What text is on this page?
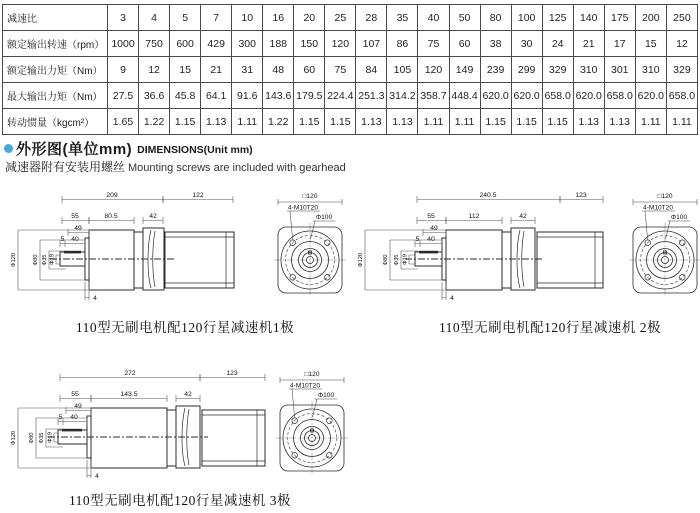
减速比	3	4	5	7	10	16	20	25	28	35	40	50	80	100	125	140	175	200	250
额定输出转速（rpm）	1000	750	600	429	300	188	150	120	107	86	75	60	38	30	24	21	17	15	12
额定输出力矩（Nm）	9	12	15	21	31	48	60	75	84	105	120	149	239	299	329	310	301	310	329
最大输出力矩（Nm）	27.5	36.6	45.8	64.1	91.6	143.6	179.5	224.4	251.3	314.2	358.7	448.4	620.0	620.0	658.0	620.0	658.0	620.0	658.0
转动惯量（kgcm²）	1.65	1.22	1.15	1.13	1.11	1.22	1.15	1.15	1.13	1.13	1.11	1.11	1.15	1.15	1.15	1.13	1.13	1.11	1.11
外形图(单位mm) DIMENSIONS(Unit mm)
减速器附有安装用螺丝 Mounting screws are included with gearhead
209	122
55	80.5	42
49
5 40
4
Φ120	Φ80 Φ35 Φ19
□120
4-M10T20
Φ100
110型无刷电机配120行星减速机1极
240.5	123
55	112	42
49
5 40
4
Φ120	Φ80 Φ35 Φ19
□120
4-M10T20
Φ100
110型无刷电机配120行星减速机 2极
272	123
55	143.5	42
49
5 40
4
Φ120 Φ80 Φ35 Φ19
□120
4-M10T20
Φ100
110型无刷电机配120行星减速机 3极
